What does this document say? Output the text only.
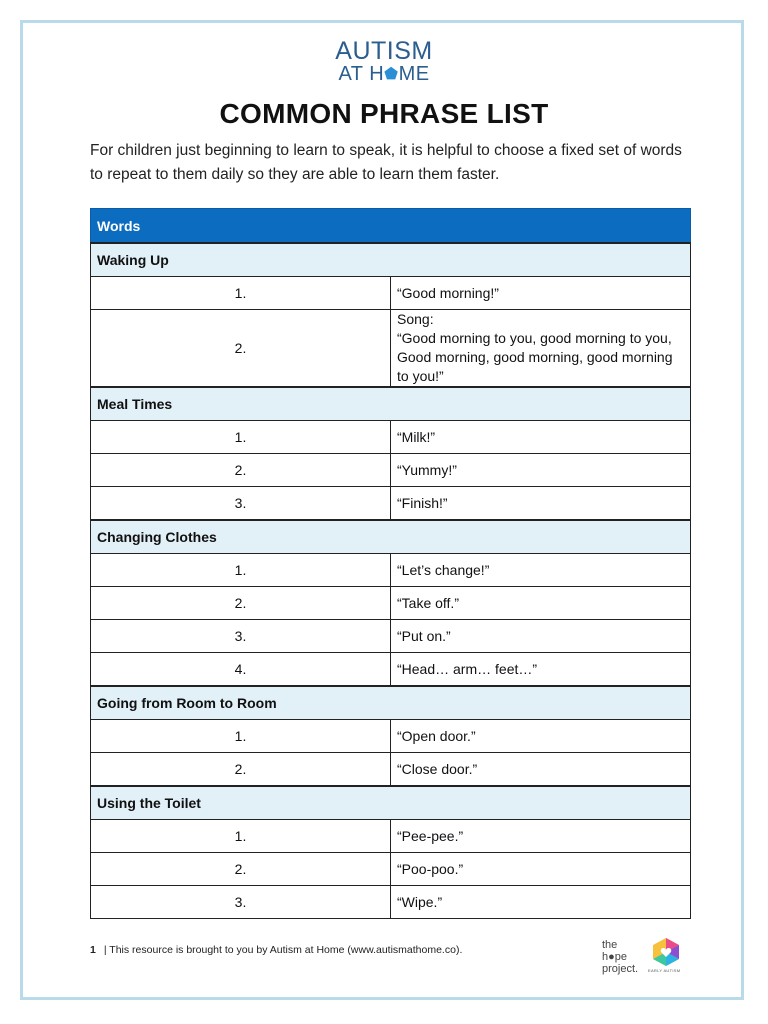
AUTISM
AT H⬟ME
COMMON PHRASE LIST
For children just beginning to learn to speak, it is helpful to choose a fixed set of words to repeat to them daily so they are able to learn them faster.
Words	
Waking Up	
1.	“Good morning!”
2.	Song:
“Good morning to you, good morning to you,
Good morning, good morning, good morning to you!”

Meal Times	
1.	“Milk!”
2.	“Yummy!”
3.	“Finish!”
Changing Clothes	
1.	“Let’s change!”
2.	“Take off.”
3.	“Put on.”
4.	“Head… arm… feet…”
Going from Room to Room	
1.	“Open door.”
2.	“Close door.”
Using the Toilet	
1.	“Pee-pee.”
2.	“Poo-poo.”
3.	“Wipe.”
1 | This resource is brought to you by Autism at Home (www.autismathome.co).	the
h●pe
project. EARLY AUTISM
